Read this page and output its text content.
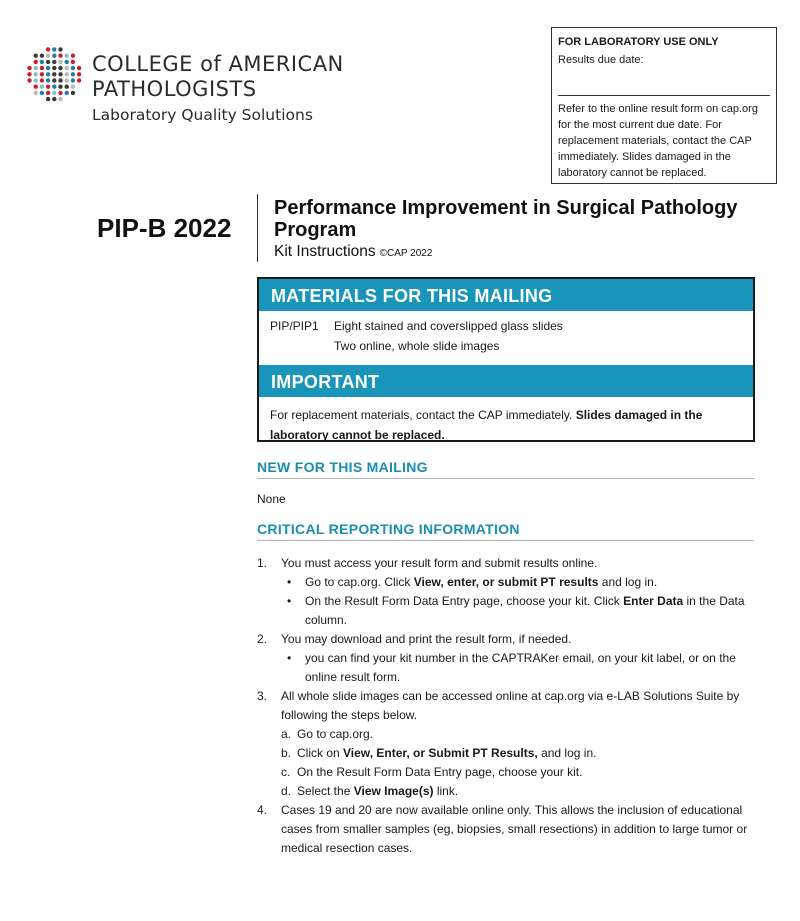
COLLEGE of AMERICAN
PATHOLOGISTS
Laboratory Quality Solutions
FOR LABORATORY USE ONLY
Results due date:
Refer to the online result form on cap.org for the most current due date. For replacement materials, contact the CAP immediately. Slides damaged in the laboratory cannot be replaced.
PIP-B 2022
Performance Improvement in Surgical Pathology Program
Kit Instructions ©CAP 2022
MATERIALS FOR THIS MAILING
PIP/PIP1	Eight stained and coverslipped glass slides
Two online, whole slide images
IMPORTANT
For replacement materials, contact the CAP immediately. Slides damaged in the laboratory cannot be replaced.
NEW FOR THIS MAILING
None
CRITICAL REPORTING INFORMATION
1.	You must access your result form and submit results online.
•	Go to cap.org. Click View, enter, or submit PT results and log in.
•	On the Result Form Data Entry page, choose your kit. Click Enter Data in the Data column.
2.	You may download and print the result form, if needed.
•	you can find your kit number in the CAPTRAKer email, on your kit label, or on the online result form.
3.	All whole slide images can be accessed online at cap.org via e-LAB Solutions Suite by following the steps below.
a. Go to cap.org.
b. Click on View, Enter, or Submit PT Results, and log in.
c. On the Result Form Data Entry page, choose your kit.
d. Select the View Image(s) link.
4.	Cases 19 and 20 are now available online only. This allows the inclusion of educational cases from smaller samples (eg, biopsies, small resections) in addition to large tumor or medical resection cases.
